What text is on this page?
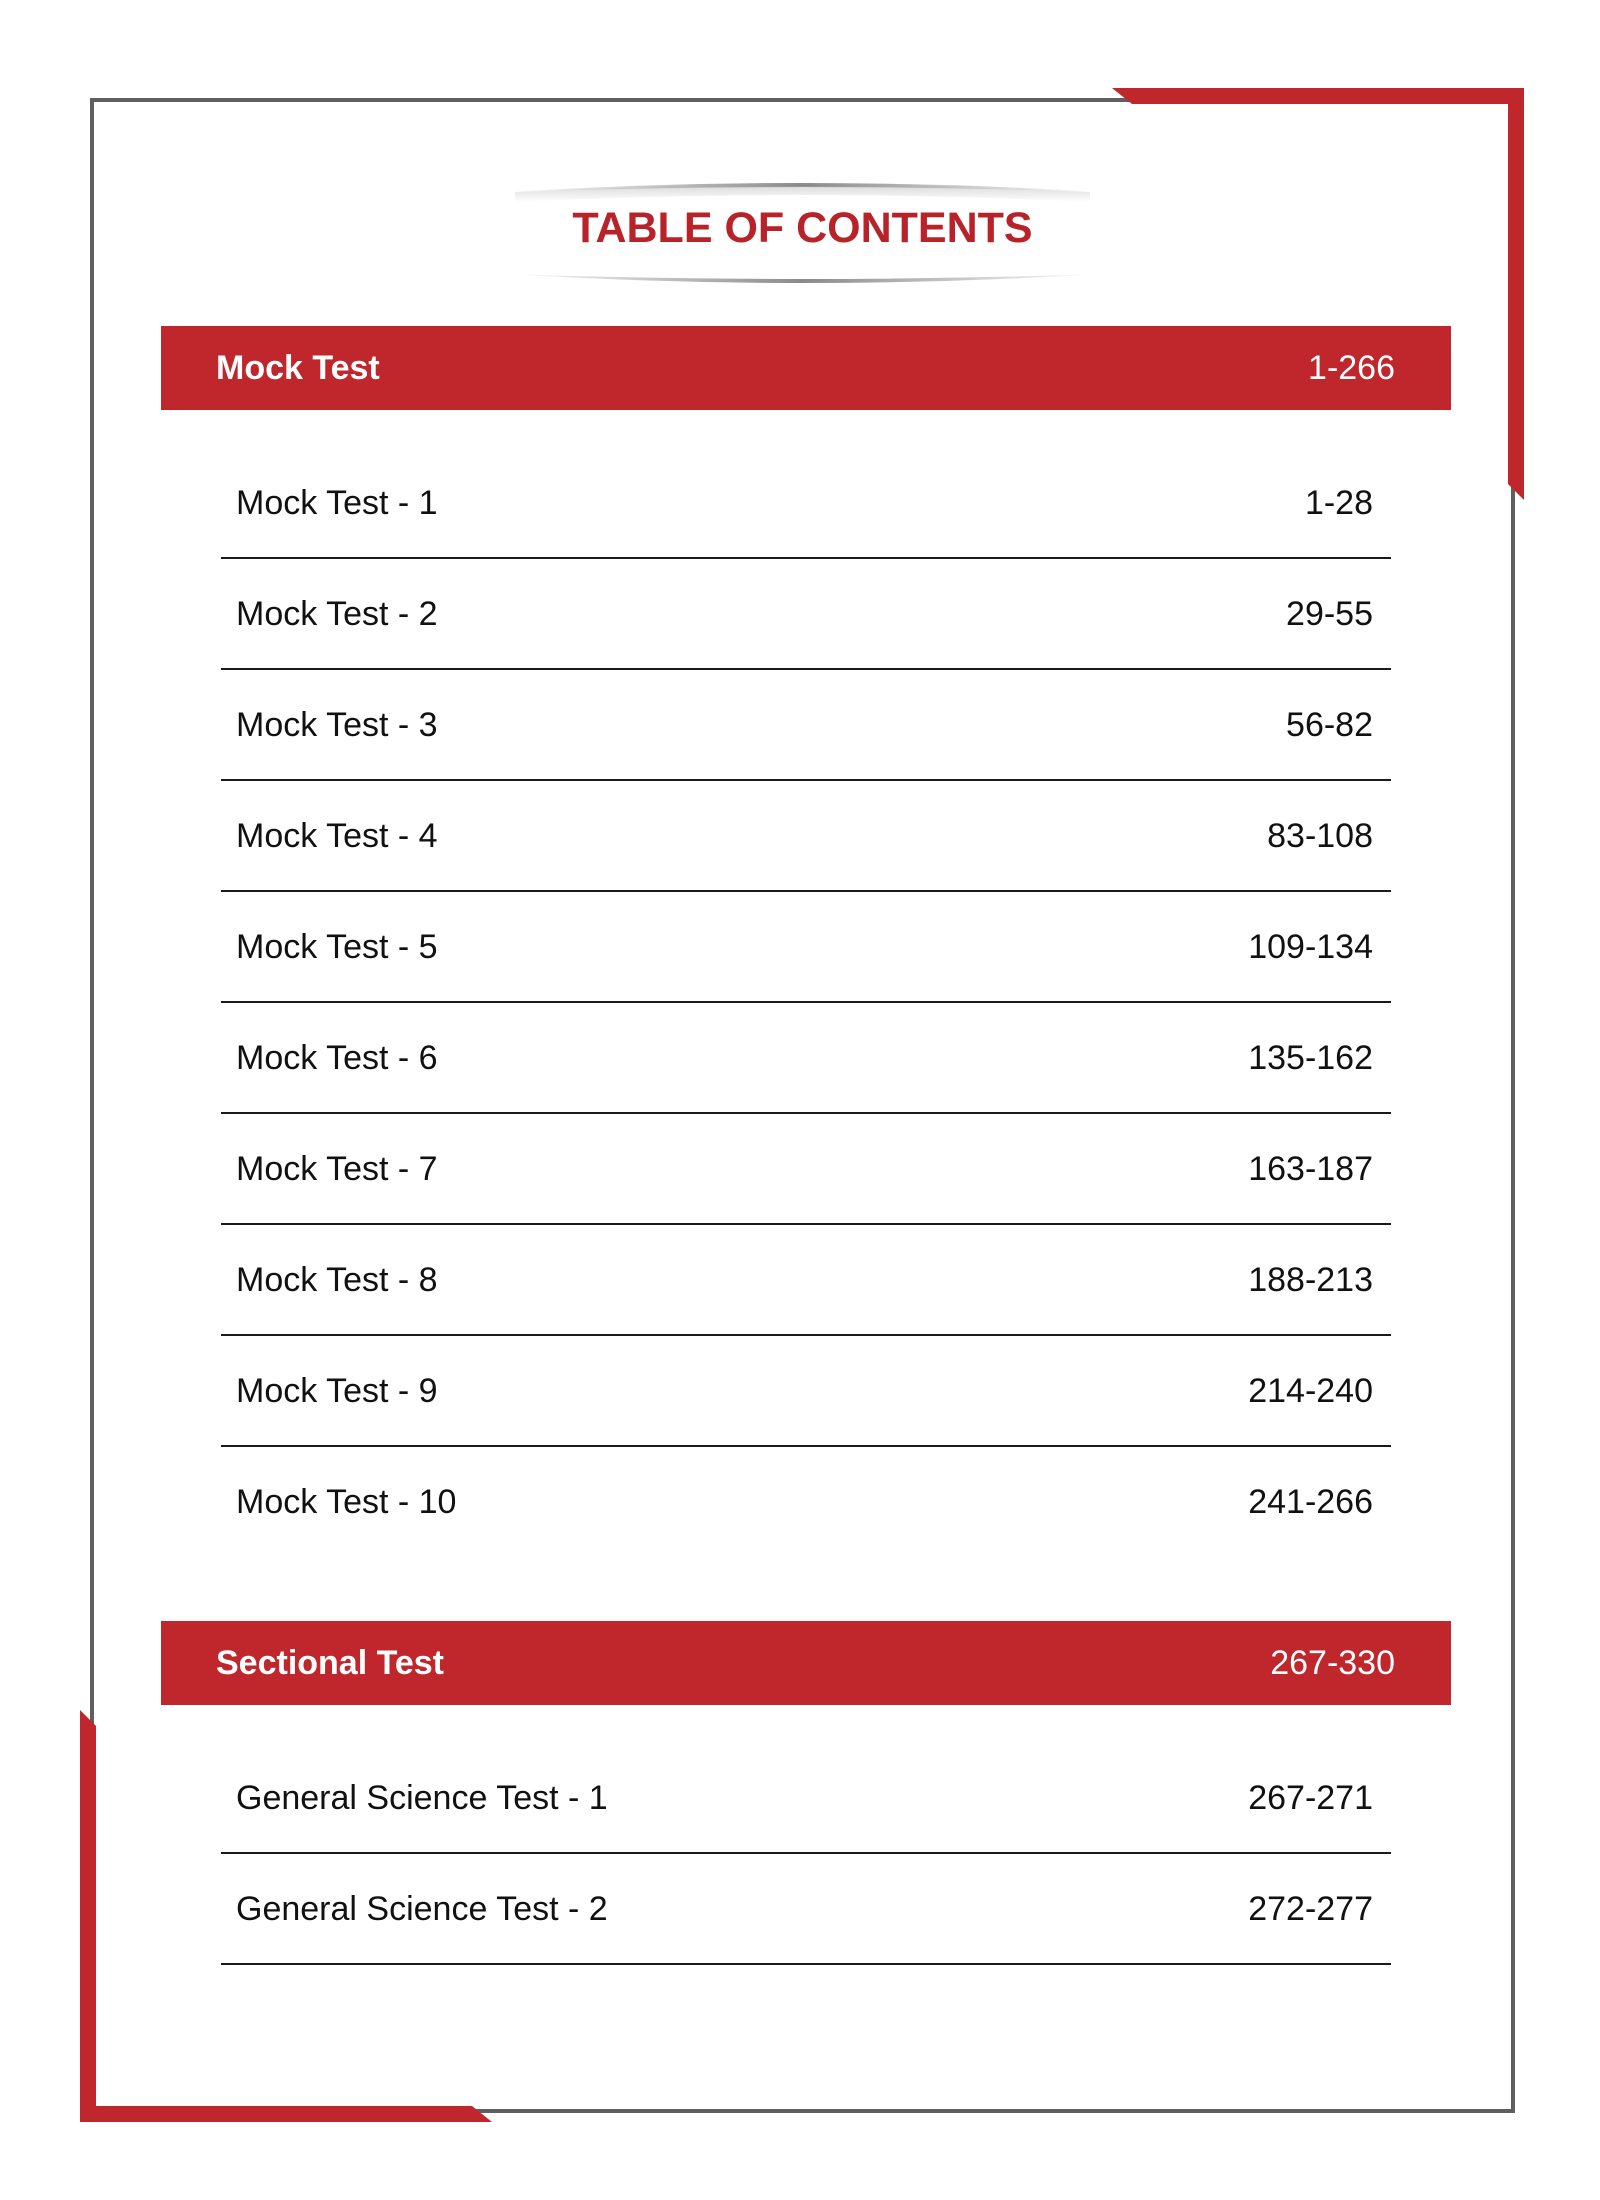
TABLE OF CONTENTS
Mock Test	1-266
Mock Test - 1	1-28
Mock Test - 2	29-55
Mock Test - 3	56-82
Mock Test - 4	83-108
Mock Test - 5	109-134
Mock Test - 6	135-162
Mock Test - 7	163-187
Mock Test - 8	188-213
Mock Test - 9	214-240
Mock Test - 10	241-266
Sectional Test	267-330
General Science Test - 1	267-271
General Science Test - 2	272-277
